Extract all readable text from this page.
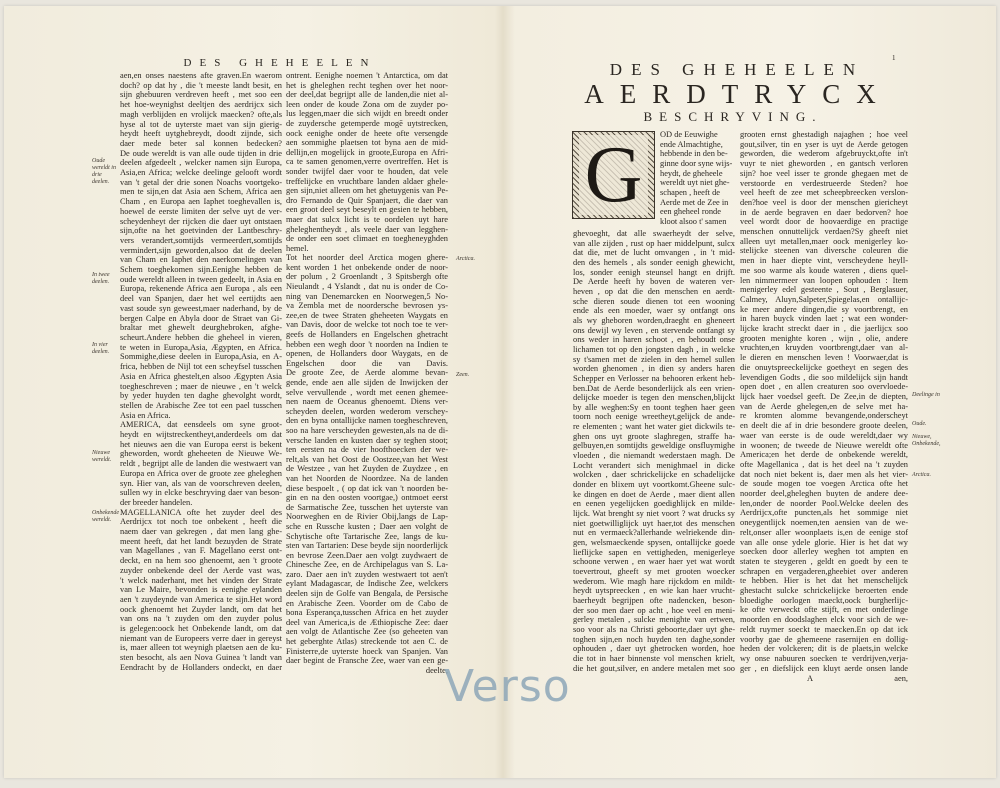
DES GHEHEELEN
aen,en onses naestens afte graven.En waerom
doch? op dat hy , die 't meeste landt besit, en
sijn ghebuuren verdreven heeft , met soo een
het hoe-weynighst deeltjen des aerdrijcx sich
magh verblijden en vrolijck maecken? ofte,als
hyse al tot de uyterste maet van sijn gierig-
heydt heeft uytghebreydt, doodt zijnde, sich
daer mede beter sal konnen bedecken?
De oude wereldt is van alle oude tijden in drie
deelen afgedeelt , welcker namen sijn Europa,
Asia,en Africa; welcke deelinge gelooft wordt
van 't getal der drie sonen Noachs voortgeko-
men te sijn,en dat Asia aen Schem, Africa aen
Cham , en Europa aen Iaphet toeghevallen is,
hoewel de eerste limiten der selve uyt de ver-
scheydenheyt der rijcken die daer uyt ontstaen
sijn,ofte na het goetvinden der Lantbeschry-
vers verandert,somtijds vermeerdert,somtijds
vermindert,sijn geworden,alsoo dat de deelen
van Cham en Iaphet den naerkomelingen van
Schem toeghekomen sijn.Eenighe hebben de
oude wereldt alleen in tween gedeelt, in Asia en
Europa, rekenende Africa aen Europa , als een
deel van Spanjen, daer het wel eertijdts aen
vast soude syn geweest,maer naderhand, by de
bergen Calpe en Abyla door de Straet van Gi-
braltar met ghewelt deurghebroken, afghe-
scheurt.Andere hebben die gheheel in vieren,
te weten in Europa,Asia, Ægypten, en Africa.
Sommighe,diese deelen in Europa,Asia, en A-
frica, hebben de Nijl tot een scheyfsel tusschen
Asia en Africa ghestelt,en alsoo Ægypten Asia
toegheschreven ; maer de nieuwe , en 't welck
by yeder huyden ten daghe ghevolght wordt,
stellen de Arabische Zee tot een pael tusschen
Asia en Africa.
AMERICA, dat eensdeels om syne groot-
heydt en wijtstreckentheyt,anderdeels om dat
het nieuws aen die van Europa eerst is bekent
gheworden, wordt gheheeten de Nieuwe We-
reldt , begrijpt alle de landen die westwaert van
Europa en Africa over de groote zee gheleghen
syn. Hier van, als van de voorschreven deelen,
sullen wy in elcke beschryving daer van beson-
der breeder handelen.
MAGELLANICA ofte het zuyder deel des
Aerdrijcx tot noch toe onbekent , heeft die
naem daer van gekregen , dat men lang ghe-
meent heeft, dat het landt bezuyden de Strate
van Magellanes , van F. Magellano eerst ont-
deckt, en na hem soo ghenoemt, aen 't groote
zuyder onbekende deel der Aerde vast was,
't welck naderhant, met het vinden der Strate
van Le Maire, bevonden is eenighe eylanden
aen 't zuydeynde van America te sijn.Het word
oock ghenoemt het Zuyder landt, om dat het
van ons na 't zuyden om den zuyder polus
is gelegen:oock het Onbekende landt, om dat
niemant van de Europeers verre daer in gereyst
is, maer alleen tot weynigh plaetsen aen de ku-
sten besocht, als aen Nova Guinea 't landt van
Eendracht by de Hollanders ondeckt, en daer
ontrent. Eenighe noemen 't Antarctica, om dat
het is gheleghen recht teghen over het noor-
der deel,dat begrijpt alle de landen,die niet al-
leen onder de koude Zona om de zuyder po-
lus leggen,maer die sich wijdt en breedt onder
de zuydersche getemperde mogē uytstrecken,
oock eenighe onder de heete ofte versengde
aen sommighe plaetsen tot byna aen de mid-
dellijn,en mogelijck in groote,Europa en Afri-
ca te samen genomen,verre overtreffen. Het is
sonder twijfel daer voor te houden, dat vele
treffelijcke en vruchtbare landen aldaer ghele-
gen sijn,niet alleen om het ghetuygenis van Pe-
dro Fernando de Quir Spanjaert, die daer van
een groot deel seyt beseylt en gesien te hebben,
maer dat sulcx licht is te oordelen uyt hare
gheleghentheydt , als veele daer van legghen-
de onder een soet climaet en toegheneyghden
hemel.
Tot het noorder deel Arctica mogen ghere-
kent worden 1 het onbekende onder de noor-
der polum , 2 Groenlandt , 3 Spitsbergh ofte
Nieulandt , 4 Yslandt , dat nu is onder de Co-
ning van Denemarcken en Noorwegen,5 No-
va Zembla met de noordersche bevrosen ys-
zee,en de twee Straten gheheeten Waygats en
van Davis, door de welcke tot noch toe te ver-
geefs de Hollanders en Engelschen ghetracht
hebben een wegh door 't noorden na Indien te
openen, de Hollanders door Waygats, en de
Engelschen door die van Davis.
De groote Zee, de Aerde alomme bevan-
gende, ende aen alle sijden de Inwijcken der
selve vervullende , wordt met eenen ghemee-
nen naem de Oceanus ghenoemt. Diens ver-
scheyden deelen, worden wederom verschey-
den en byna ontallijcke namen toegheschreven,
soo na hare verscheyden gewesten,als na de di-
versche landen en kusten daer sy teghen stoot;
ten eersten na de vier hoofthoecken der we-
relt,als van het Oost de Oostzee,van het West
de Westzee , van het Zuyden de Zuydzee , en
van het Noorden de Noordzee. Na de landen
diese bespoelt , ( op dat ick van 't noorden be-
gin en na den oosten voortgae,) ontmoet eerst
de Sarmatische Zee, tusschen het uyterste van
Noorweghen en de Rivier Obij,langs de Lap-
sche en Russche kusten ; Daer aen volght de
Schytische ofte Tartarische Zee, langs de ku-
sten van Tartarien: Dese beyde sijn noorderlijck
en bevrose Zeen.Daer aen volgt zuydwaert de
Chinesche Zee, en de Archipelagus van S. La-
zaro. Daer aen in't zuyden westwaert tot aen't
eylant Madagascar, de Indische Zee, welckers
deelen sijn de Golfe van Bengala, de Persische
en Arabische Zeen. Voorder om de Cabo de
bona Esperança,tusschen Africa en het zuyder
deel van America,is de Æthiopische Zee: daer
aen volgt de Atlantische Zee (so geheeten van
het geberghte Atlas) streckende tot aen C. de
Finisterre,de uyterste hoeck van Spanjen. Van
daer begint de Fransche Zee, waer van een ge-
deelte,
Oude wereldt in drie deelen.
In twee deelen.
In vier deelen.
Nieuwe wereldt.
Onbekende wereldt.
Arctica.
Zeen.
1
DES GHEHEELEN
AERDTRYCX
BESCHRYVING.
G	OD de Eeuwighe
ende Almachtighe,
hebbende in den be-
ginne door syne wijs-
heydt, de gheheele
wereldt uyt niet ghe-
schapen , heeft de
Aerde met de Zee in
een gheheel ronde
kloot alsoo t' samen
ghevoeght, dat alle swaerheydt der selve,
van alle zijden , rust op haer middelpunt, sulcx
dat die, met de lucht omvangen , in 't mid-
den des hemels , als sonder eenigh ghewicht,
los, sonder eenigh steunsel hangt en drijft.
De Aerde heeft hy boven de wateren ver-
heven , op dat die den menschen en aerdt-
sche dieren soude dienen tot een wooning
ende als een moeder, waer sy ontfangt ons
als wy gheboren worden,draeght en gheneert
ons dewijl wy leven , en stervende ontfangt sy
ons weder in haren schoot , en behoudt onse
lichamen tot op den jongsten dagh , in welcke
sy t'samen met de zielen in den hemel sullen
worden ghenomen , in dien sy anders haren
Schepper en Verlosser na behooren erkent heb-
ben.Dat de Aerde besonderlijck als een vrien-
delijcke moeder is tegen den menschen,blijckt
by alle weghen:Sy en toont teghen haer geen
toorn noch eenige wreetheyt,gelijck de ande-
re elementen ; want het water giet dickwils te-
ghen ons uyt groote slaghregen, straffe ha-
gelbuyen,en somtijdts geweldige onsfluymighe
vloeden , die niemandt wederstaen magh. De
Locht verandert sich menighmael in dicke
wolcken , daer schrickelijcke en schadelijcke
donder en blixem uyt voortkomt.Gheene sulc-
ke dingen en doet de Aerde , maer dient allen
en eenen yegelijcken goedighlijck en milde-
lijck. Wat brenght sy niet voort ? wat drucks sy
niet goetwilliglijck uyt haer,tot des menschen
nut en vermaeck?allerhande welriekende din-
gen, welsmaeckende spysen, ontallijcke goede
lieflijcke sapen en vettigheden, menigerleye
schoone verwen , en waer haer yet wat wordt
toevertrout, gheeft sy met grooten woecker
wederom. Wie magh hare rijckdom en mildt-
heydt uytspreecken , en wie kan haer vrucht-
baerheydt begrijpen ofte nadencken, beson-
der soo men daer op acht , hoe veel en meni-
gerley metalen , sulcke menighte van ertwen,
soo voor als na Christi geboorte,daer uyt ghe-
toghen sijn,en noch huyden ten daghe,sonder
ophouden , daer uyt ghetrocken worden, hoe
die tot in haer binnenste vol menschen krielt,
die het gout,silver, en andere metalen met soo
grooten ernst ghestadigh najaghen ; hoe veel
gout,silver, tin en yser is uyt de Aerde getogen
geworden, die wederom afgebruyckt,ofte in't
vuyr te niet gheworden , en gantsch verloren
sijn? hoe veel isser te gronde ghegaen met de
verstoorde en verdestrueerde Steden? hoe
veel heeft de zee met scheepbreecken verslon-
den?hoe veel is door der menschen giericheyt
in de aerde begraven en daer bedorven? hoe
veel wordt door de hoovaerdige en practige
menschen onnuttelijck verdaen?Sy gheeft niet
alleen uyt metallen,maer oock menigerley ko-
stelijcke steenen van diversche coleuren die
men in haer diepte vint, verscheydene heyll-
me soo warme als koude wateren , diens quel-
len nimmermeer van loopen ophouden : Item
menigerley edel gesteente , Sout , Berglasuer,
Calmey, Aluyn,Salpeter,Spiegelas,en ontallijc-
ke meer andere dingen,die sy voortbrengt, en
in haren buyck vinden laet ; wat een wonder-
lijcke kracht streckt daer in , die jaerlijcx soo
grooten menighte koren , wijn , olie, andere
vruchten,en kruyden voortbrengt,daer van al-
le dieren en menschen leven ! Voorwaer,dat is
die onuytspreeckelijcke goetheyt en segen des
levendigen Godts , die soo mildelijck sijn handt
open doet , en allen creaturen soo overvloede-
lijck haer voedsel geeft. De Zee,in de diepten,
van de Aerde ghelegen,en de selve met ha-
re kromten alomme bevangende,onderscheyt
en deelt die af in drie besondere groote deelen,
waer van eerste is de oude wereldt,daer wy
in woonen; de tweede de Nieuwe wereldt ofte
America;en het derde de onbekende wereldt,
ofte Magellanica , dat is het deel na 't zuyden
dat noch niet bekent is, daer men als het vier-
de soude mogen toe voegen Arctica ofte het
noorder deel,gheleghen buyten de andere dee-
len,onder de noorder Pool.Welcke deelen des
Aerdrijcx,ofte puncten,als het sommige niet
oneygentlijck noemen,ten aensien van de we-
relt,onser aller woonplaets is,en de eenige stof
van alle onse ydele glorie. Hier is het dat wy
soecken door allerley weghen tot ampten en
staten te steygeren , geldt en goedt by een te
schrapen en vergaderen,gheebiet over anderen
te hebben. Hier is het dat het menschelijck
ghestacht sulcke schrickelijcke beroerten ende
bloedighe oorlogen maeckt,oock burgherlijc-
ke ofte verweckt ofte stijft, en met onderlinge
moorden en doodslaghen elck voor sich de we-
reldt ruymer soeckt te maecken.En op dat ick
voorby gae de ghemeene rasernijen en dollig-
heden der volckeren; dit is de plaets,in welcke
wy onse nabuuren soecken te verdrijven,verja-
ger , en diefslijck een kluyt aerde onsen lande
A	aen,
Deelinge in
Oude.
Nieuwe, Onbekende,
Arctica.
Verso
